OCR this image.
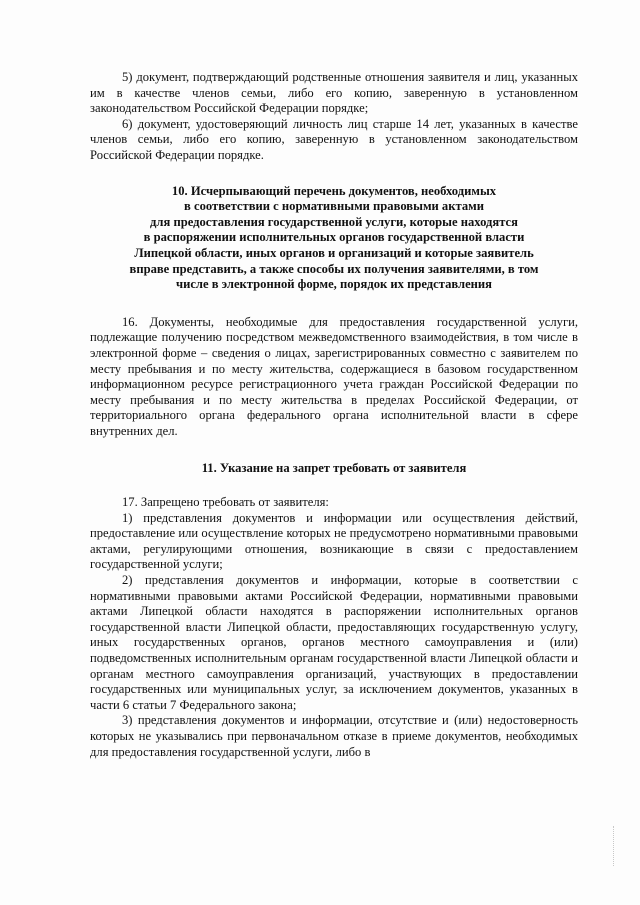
5) документ, подтверждающий родственные отношения заявителя и лиц, указанных им в качестве членов семьи, либо его копию, заверенную в установленном законодательством Российской Федерации порядке;

6) документ, удостоверяющий личность лиц старше 14 лет, указанных в качестве членов семьи, либо его копию, заверенную в установленном законодательством Российской Федерации порядке.

10. Исчерпывающий перечень документов, необходимых
в соответствии с нормативными правовыми актами
для предоставления государственной услуги, которые находятся
в распоряжении исполнительных органов государственной власти
Липецкой области, иных органов и организаций и которые заявитель
вправе представить, а также способы их получения заявителями, в том
числе в электронной форме, порядок их представления

16. Документы, необходимые для предоставления государственной услуги, подлежащие получению посредством межведомственного взаимодействия, в том числе в электронной форме – сведения о лицах, зарегистрированных совместно с заявителем по месту пребывания и по месту жительства, содержащиеся в базовом государственном информационном ресурсе регистрационного учета граждан Российской Федерации по месту пребывания и по месту жительства в пределах Российской Федерации, от территориального органа федерального органа исполнительной власти в сфере внутренних дел.

11. Указание на запрет требовать от заявителя

17. Запрещено требовать от заявителя:

1) представления документов и информации или осуществления действий, предоставление или осуществление которых не предусмотрено нормативными правовыми актами, регулирующими отношения, возникающие в связи с предоставлением государственной услуги;

2) представления документов и информации, которые в соответствии с нормативными правовыми актами Российской Федерации, нормативными правовыми актами Липецкой области находятся в распоряжении исполнительных органов государственной власти Липецкой области, предоставляющих государственную услугу, иных государственных органов, органов местного самоуправления и (или) подведомственных исполнительным органам государственной власти Липецкой области и органам местного самоуправления организаций, участвующих в предоставлении государственных или муниципальных услуг, за исключением документов, указанных в части 6 статьи 7 Федерального закона;

3) представления документов и информации, отсутствие и (или) недостоверность которых не указывались при первоначальном отказе в приеме документов, необходимых для предоставления государственной услуги, либо в
